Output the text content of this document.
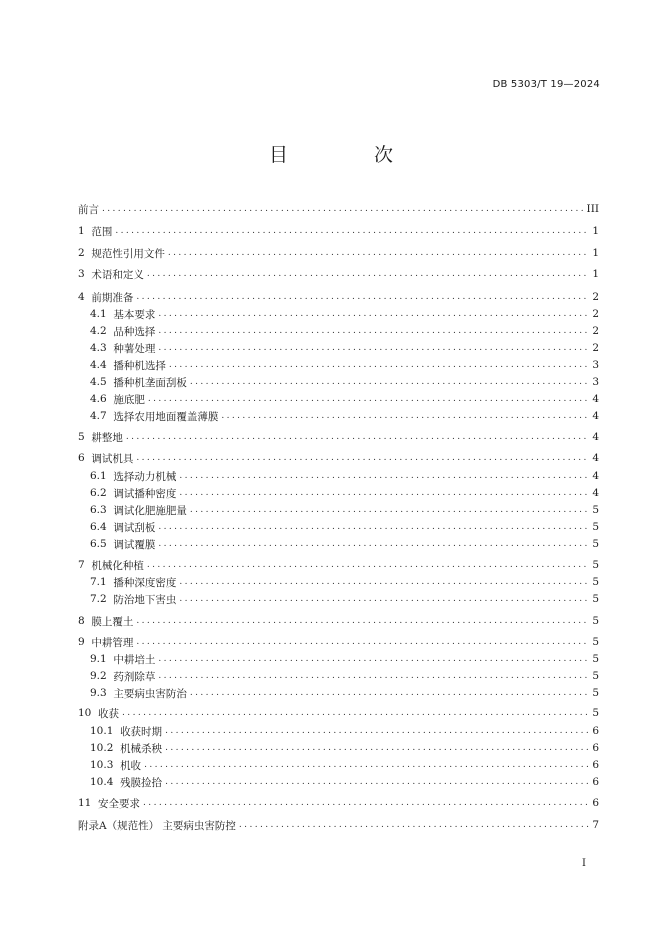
DB 5303/T 19—2024
目 次
前言 .....	III
1 范围 .....	1
2 规范性引用文件 .....	1
3 术语和定义 .....	1
4 前期准备 .....	2
4.1 基本要求 .....	2
4.2 品种选择 .....	2
4.3 种薯处理 .....	2
4.4 播种机选择 .....	3
4.5 播种机垄面刮板 .....	3
4.6 施底肥 .....	4
4.7 选择农用地面覆盖薄膜 .....	4
5 耕整地 .....	4
6 调试机具 .....	4
6.1 选择动力机械 .....	4
6.2 调试播种密度 .....	4
6.3 调试化肥施肥量 .....	5
6.4 调试刮板 .....	5
6.5 调试覆膜 .....	5
7 机械化种植 .....	5
7.1 播种深度密度 .....	5
7.2 防治地下害虫 .....	5
8 膜上覆土 .....	5
9 中耕管理 .....	5
9.1 中耕培土 .....	5
9.2 药剂除草 .....	5
9.3 主要病虫害防治 .....	5
10 收获 .....	5
10.1 收获时期 .....	6
10.2 机械杀秧 .....	6
10.3 机收 .....	6
10.4 残膜捡拾 .....	6
11 安全要求 .....	6
附录A（规范性） 主要病虫害防控 .....	7
I
